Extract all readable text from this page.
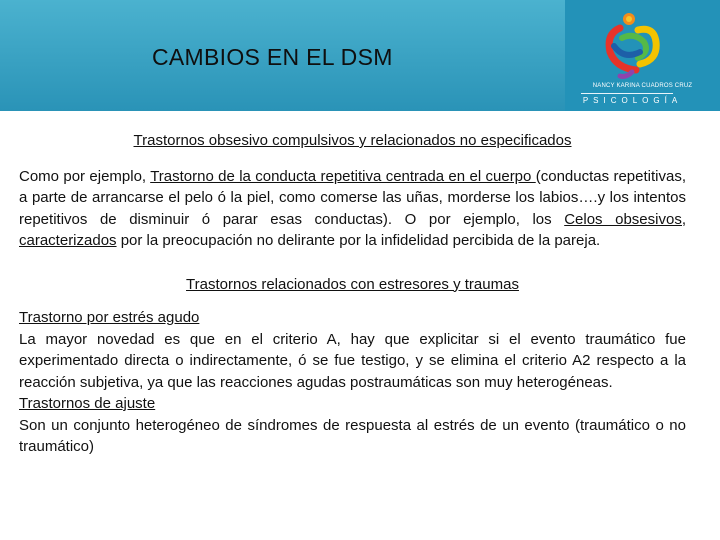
CAMBIOS EN EL DSM
NANCY KARINA CUADROS CRUZ
PSICOLOGÍA

Trastornos obsesivo compulsivos y relacionados no especificados

Como por ejemplo, Trastorno de la conducta repetitiva centrada en el cuerpo (conductas repetitivas, a parte de arrancarse el pelo ó la piel, como comerse las uñas, morderse los labios….y los intentos repetitivos de disminuir ó parar esas conductas). O por ejemplo, los Celos obsesivos, caracterizados por la preocupación no delirante por la infidelidad percibida de la pareja.

Trastornos relacionados con estresores y traumas

Trastorno por estrés agudo

La mayor novedad es que en el criterio A, hay que explicitar si el evento traumático fue experimentado directa o indirectamente, ó se fue testigo, y se elimina el criterio A2 respecto a la reacción subjetiva, ya que las reacciones agudas postraumáticas son muy heterogéneas.

Trastornos de ajuste

Son un conjunto heterogéneo de síndromes de respuesta al estrés de un evento (traumático o no traumático)
